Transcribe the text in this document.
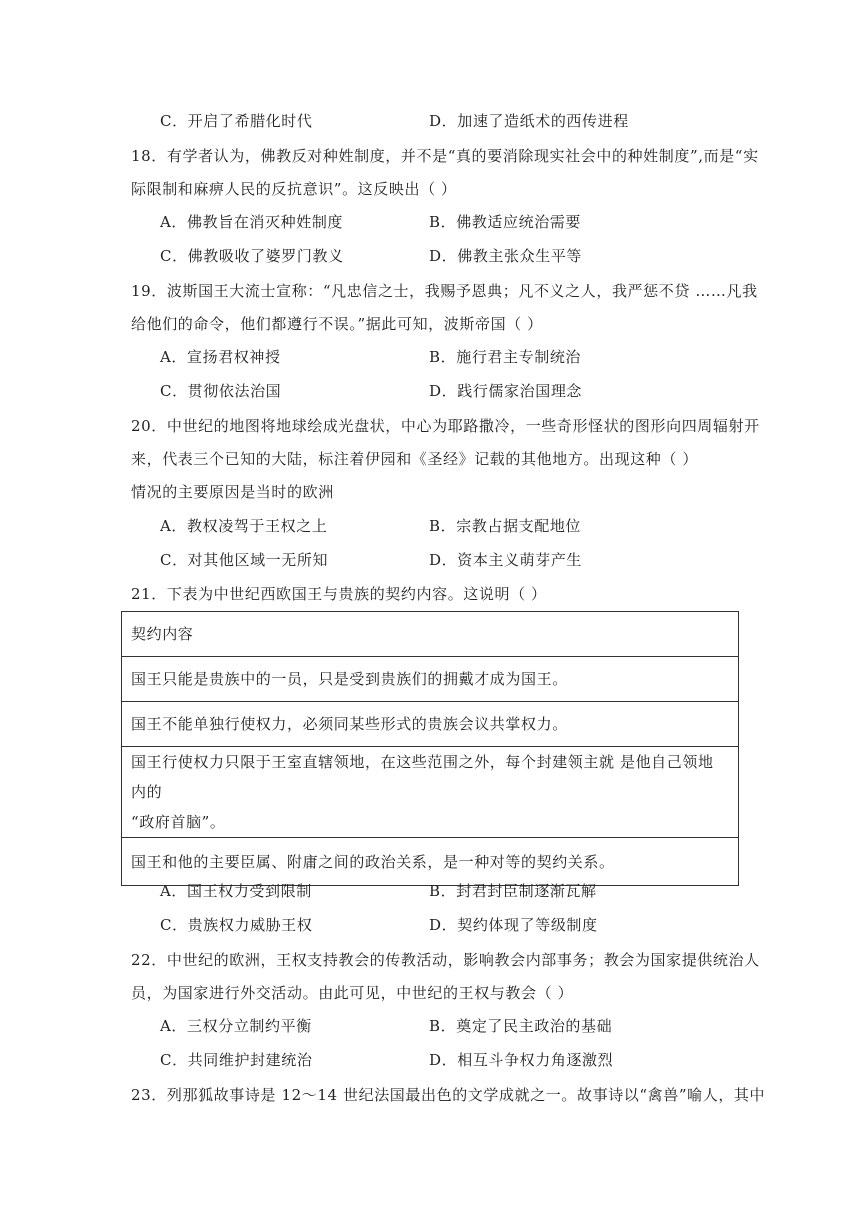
C．开启了希腊化时代	D．加速了造纸术的西传进程
18．有学者认为，佛教反对种姓制度，并不是“真的要消除现实社会中的种姓制度”,而是“实
际限制和麻痹人民的反抗意识”。这反映出（ ）
A．佛教旨在消灭种姓制度	B．佛教适应统治需要
C．佛教吸收了婆罗门教义	D．佛教主张众生平等
19．波斯国王大流士宣称：“凡忠信之士，我赐予恩典；凡不义之人，我严惩不贷 ……凡我
给他们的命令，他们都遵行不误。”据此可知，波斯帝国（ ）
A．宣扬君权神授	B．施行君主专制统治
C．贯彻依法治国	D．践行儒家治国理念
20．中世纪的地图将地球绘成光盘状，中心为耶路撒冷，一些奇形怪状的图形向四周辐射开
来，代表三个已知的大陆，标注着伊园和《圣经》记载的其他地方。出现这种（ ）
情况的主要原因是当时的欧洲
A．教权凌驾于王权之上	B．宗教占据支配地位
C．对其他区域一无所知	D．资本主义萌芽产生
21．下表为中世纪西欧国王与贵族的契约内容。这说明（ ）
契约内容
国王只能是贵族中的一员，只是受到贵族们的拥戴才成为国王。
国王不能单独行使权力，必须同某些形式的贵族会议共掌权力。

国王行使权力只限于王室直辖领地，在这些范围之外，每个封建领主就 是他自己领地内的
“政府首脑”。

国王和他的主要臣属、附庸之间的政治关系，是一种对等的契约关系。
A．国王权力受到限制	B．封君封臣制逐渐瓦解
C．贵族权力威胁王权	D．契约体现了等级制度
22．中世纪的欧洲，王权支持教会的传教活动，影响教会内部事务；教会为国家提供统治人
员，为国家进行外交活动。由此可见，中世纪的王权与教会（ ）
A．三权分立制约平衡	B．奠定了民主政治的基础
C．共同维护封建统治	D．相互斗争权力角逐激烈
23．列那狐故事诗是 12～14 世纪法国最出色的文学成就之一。故事诗以“禽兽”喻人，其中
